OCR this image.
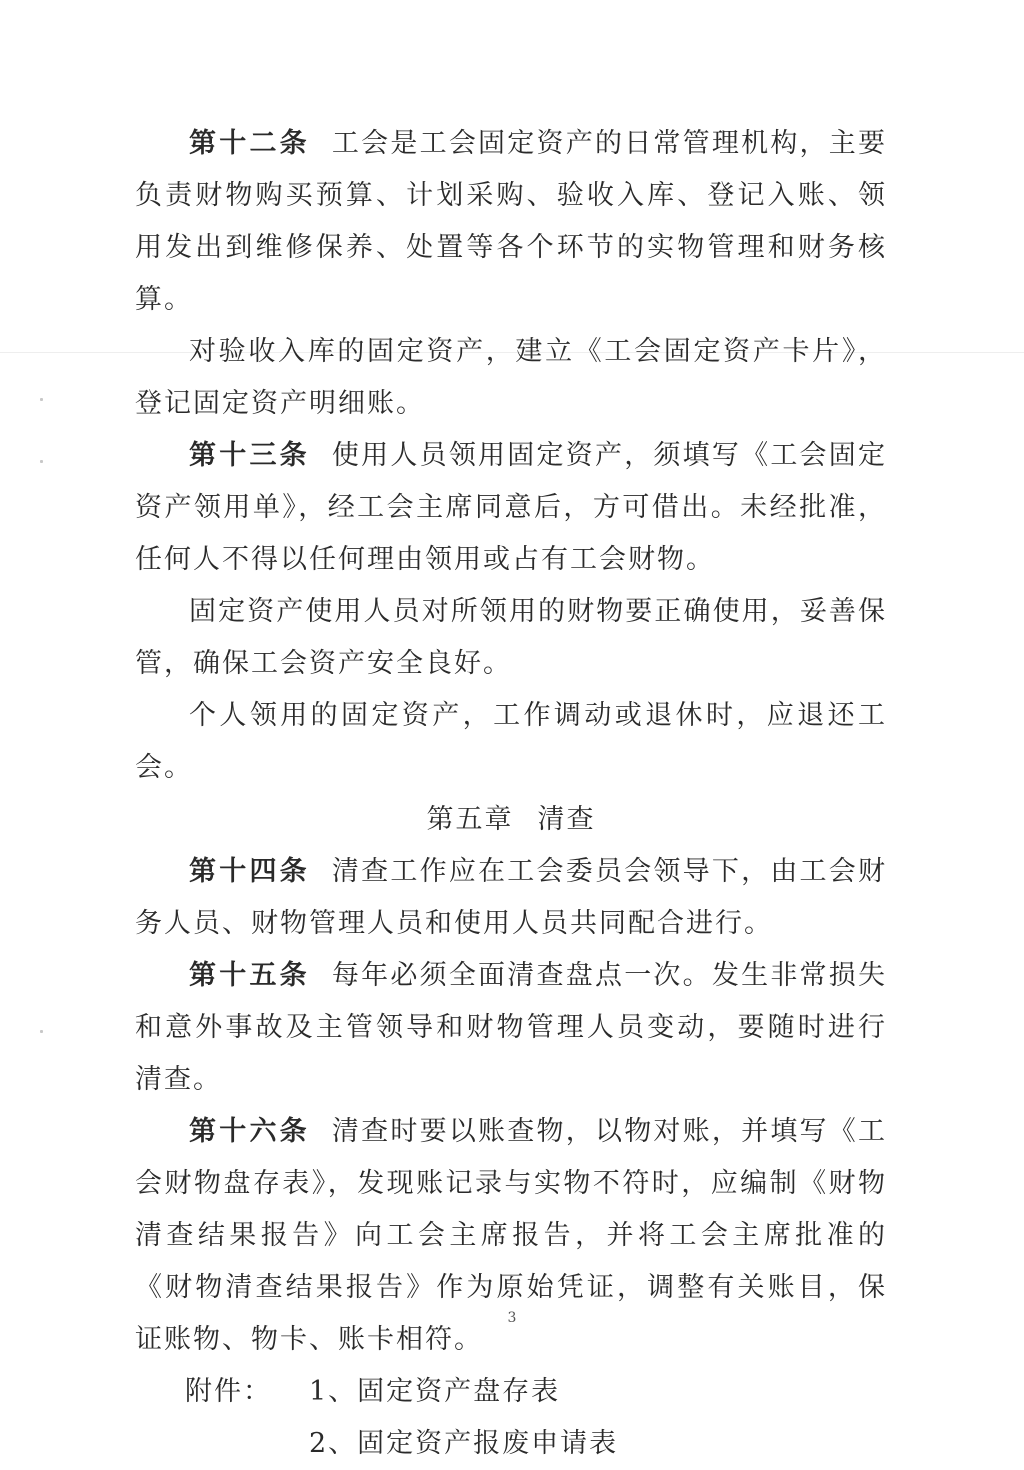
第十二条 工会是工会固定资产的日常管理机构，主要负责财物购买预算、计划采购、验收入库、登记入账、领用发出到维修保养、处置等各个环节的实物管理和财务核算。

对验收入库的固定资产，建立《工会固定资产卡片》，登记固定资产明细账。

第十三条 使用人员领用固定资产，须填写《工会固定资产领用单》，经工会主席同意后，方可借出。未经批准，任何人不得以任何理由领用或占有工会财物。

固定资产使用人员对所领用的财物要正确使用，妥善保管，确保工会资产安全良好。

个人领用的固定资产，工作调动或退休时，应退还工会。

第五章 清查

第十四条 清查工作应在工会委员会领导下，由工会财务人员、财物管理人员和使用人员共同配合进行。

第十五条 每年必须全面清查盘点一次。发生非常损失和意外事故及主管领导和财物管理人员变动，要随时进行清查。

第十六条 清查时要以账查物，以物对账，并填写《工会财物盘存表》，发现账记录与实物不符时，应编制《财物清查结果报告》向工会主席报告，并将工会主席批准的《财物清查结果报告》作为原始凭证，调整有关账目，保证账物、物卡、账卡相符。

附件： 1、固定资产盘存表

2、固定资产报废申请表

3
